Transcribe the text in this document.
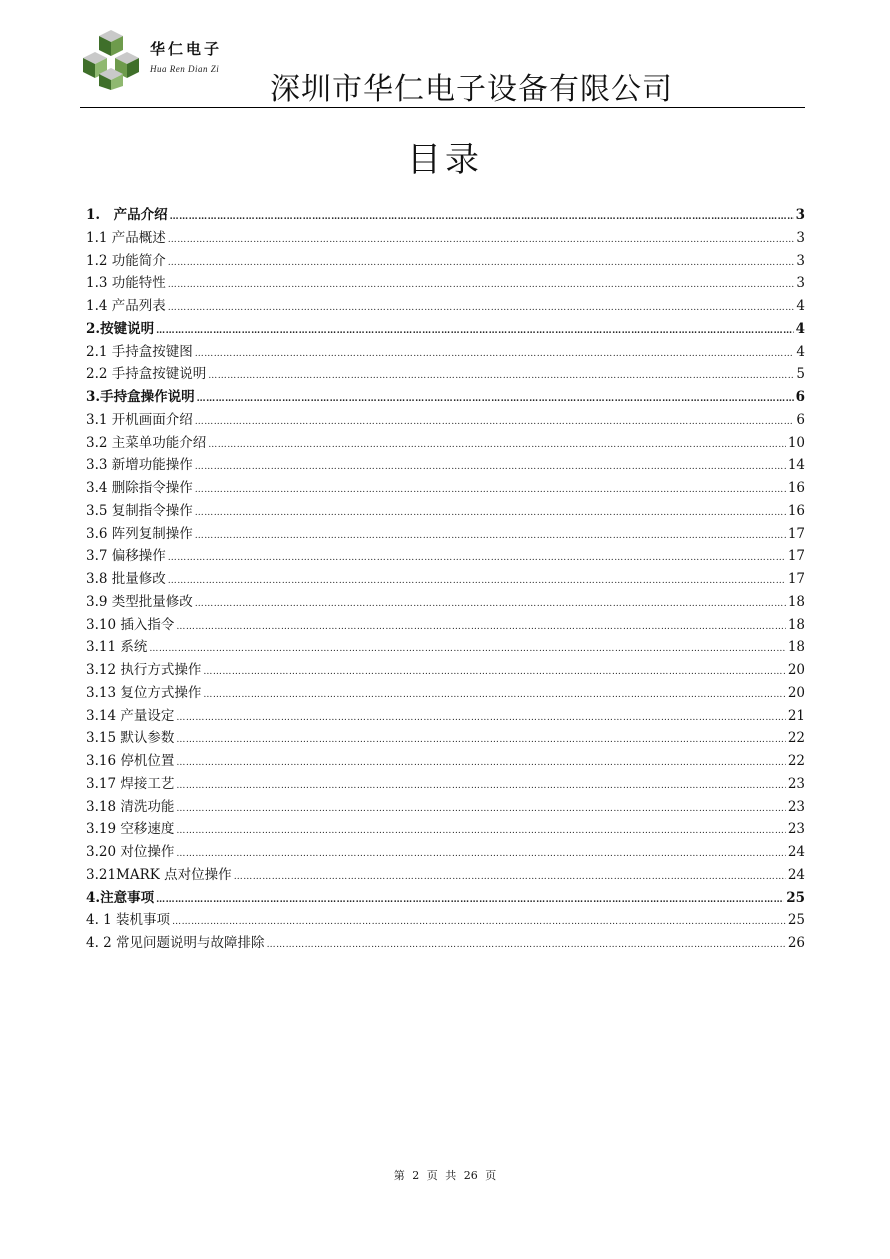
华仁电子
Hua Ren Dian Zi
深圳市华仁电子设备有限公司
目录
1.　产品介绍 ……………………………………………………………………………………………………………………………………………………………………………………………………………………………………………	3
1.1 产品概述 ……………………………………………………………………………………………………………………………………………………………………………………………………………………………………………	3
1.2 功能简介 ……………………………………………………………………………………………………………………………………………………………………………………………………………………………………………	3
1.3 功能特性 ……………………………………………………………………………………………………………………………………………………………………………………………………………………………………………	3
1.4 产品列表 ……………………………………………………………………………………………………………………………………………………………………………………………………………………………………………	4
2.按键说明 ……………………………………………………………………………………………………………………………………………………………………………………………………………………………………………	4
2.1 手持盒按键图 ……………………………………………………………………………………………………………………………………………………………………………………………………………………………………………	4
2.2 手持盒按键说明 ……………………………………………………………………………………………………………………………………………………………………………………………………………………………………………	5
3.手持盒操作说明 ……………………………………………………………………………………………………………………………………………………………………………………………………………………………………………	6
3.1 开机画面介绍 ……………………………………………………………………………………………………………………………………………………………………………………………………………………………………………	6
3.2 主菜单功能介绍 ……………………………………………………………………………………………………………………………………………………………………………………………………………………………………………	10
3.3 新增功能操作 ……………………………………………………………………………………………………………………………………………………………………………………………………………………………………………	14
3.4 删除指令操作 ……………………………………………………………………………………………………………………………………………………………………………………………………………………………………………	16
3.5 复制指令操作 ……………………………………………………………………………………………………………………………………………………………………………………………………………………………………………	16
3.6 阵列复制操作 ……………………………………………………………………………………………………………………………………………………………………………………………………………………………………………	17
3.7 偏移操作 ……………………………………………………………………………………………………………………………………………………………………………………………………………………………………………	17
3.8 批量修改 ……………………………………………………………………………………………………………………………………………………………………………………………………………………………………………	17
3.9 类型批量修改 ……………………………………………………………………………………………………………………………………………………………………………………………………………………………………………	18
3.10 插入指令 ……………………………………………………………………………………………………………………………………………………………………………………………………………………………………………	18
3.11 系统 ……………………………………………………………………………………………………………………………………………………………………………………………………………………………………………	18
3.12 执行方式操作 ……………………………………………………………………………………………………………………………………………………………………………………………………………………………………………	20
3.13 复位方式操作 ……………………………………………………………………………………………………………………………………………………………………………………………………………………………………………	20
3.14 产量设定 ……………………………………………………………………………………………………………………………………………………………………………………………………………………………………………	21
3.15 默认参数 ……………………………………………………………………………………………………………………………………………………………………………………………………………………………………………	22
3.16 停机位置 ……………………………………………………………………………………………………………………………………………………………………………………………………………………………………………	22
3.17 焊接工艺 ……………………………………………………………………………………………………………………………………………………………………………………………………………………………………………	23
3.18 清洗功能 ……………………………………………………………………………………………………………………………………………………………………………………………………………………………………………	23
3.19 空移速度 ……………………………………………………………………………………………………………………………………………………………………………………………………………………………………………	23
3.20 对位操作 ……………………………………………………………………………………………………………………………………………………………………………………………………………………………………………	24
3.21MARK 点对位操作 ……………………………………………………………………………………………………………………………………………………………………………………………………………………………………………	24
4.注意事项 ……………………………………………………………………………………………………………………………………………………………………………………………………………………………………………	25
4. 1 装机事项 ……………………………………………………………………………………………………………………………………………………………………………………………………………………………………………	25
4. 2 常见问题说明与故障排除 ……………………………………………………………………………………………………………………………………………………………………………………………………………………………………………	26
第 2 页 共 26 页
